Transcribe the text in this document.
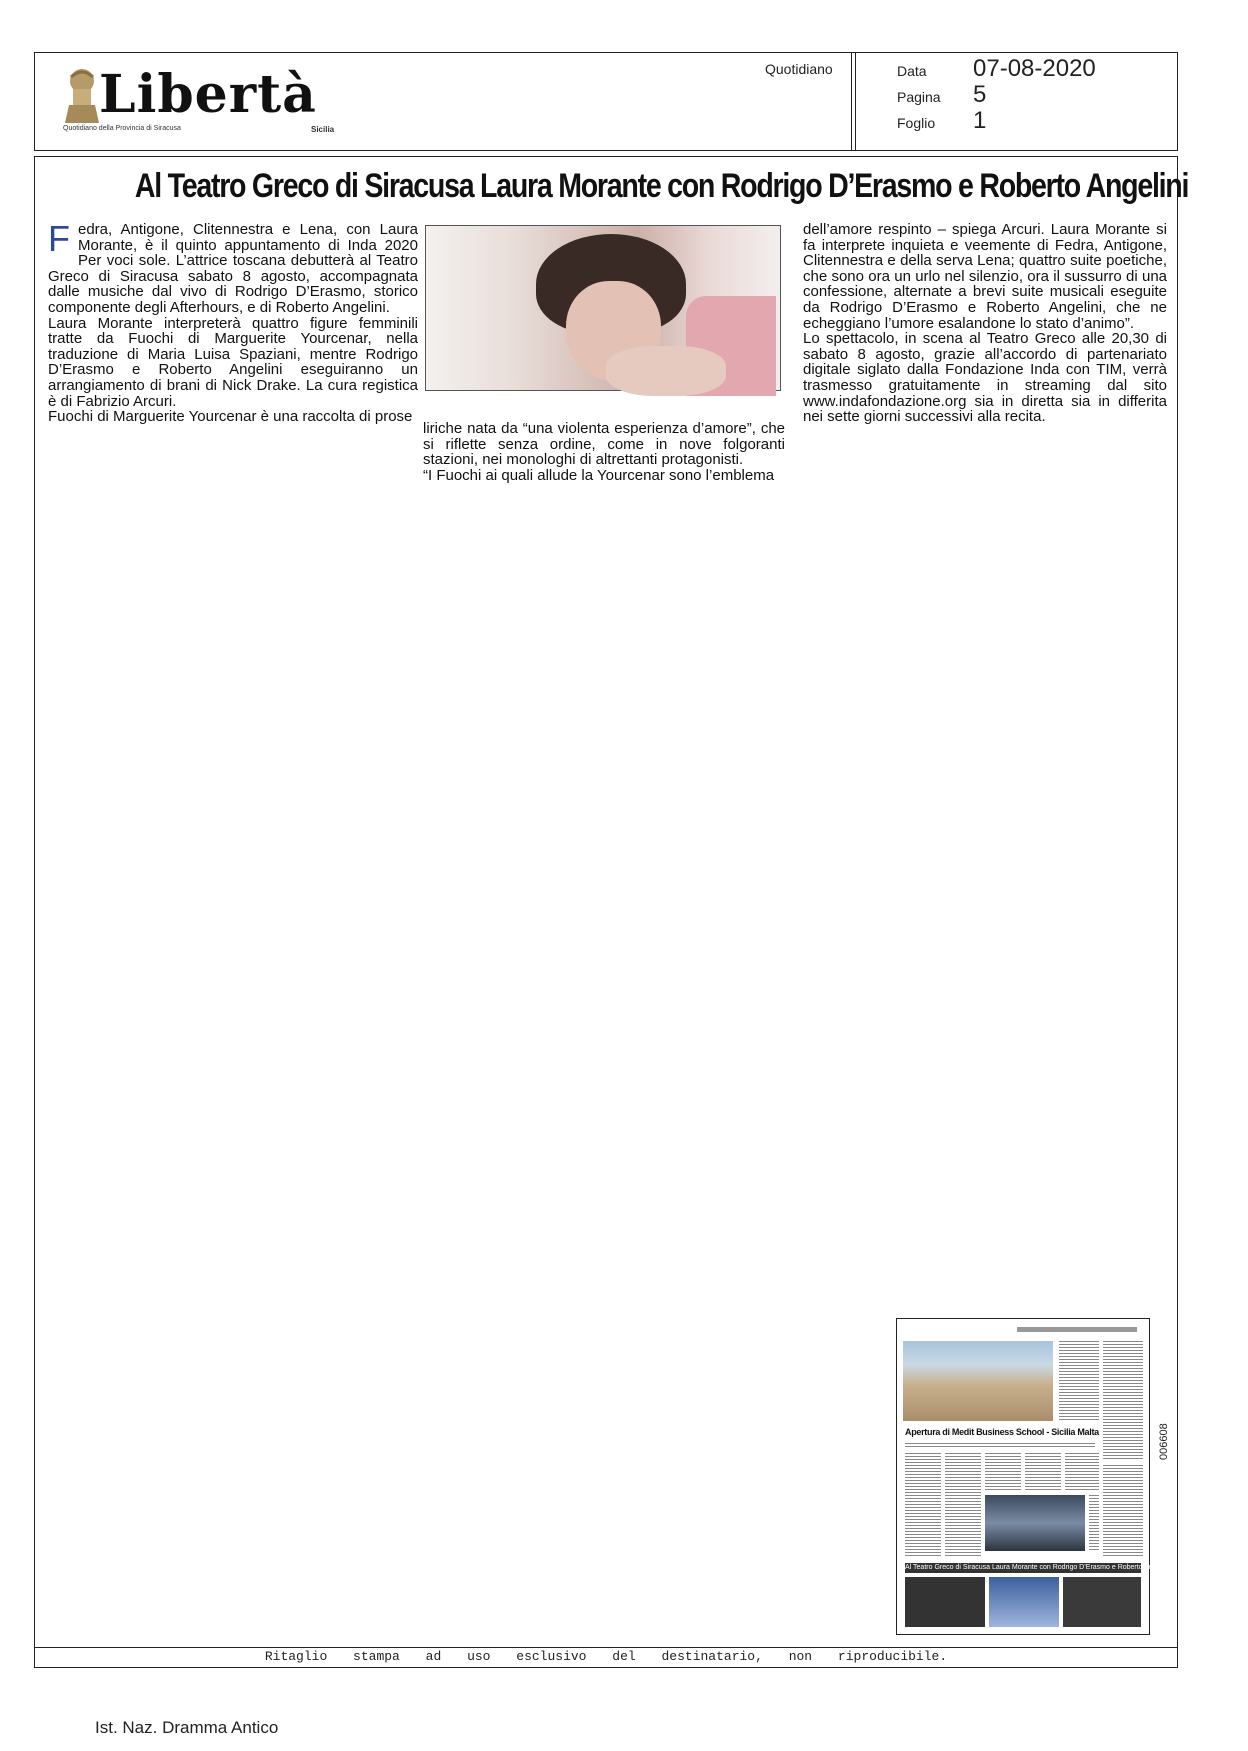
Libertà
Quotidiano della Provincia di Siracusa	Sicilia
Quotidiano	Data 07-08-2020
Pagina 5
Foglio 1
Al Teatro Greco di Siracusa Laura Morante con Rodrigo D’Erasmo e Roberto Angelini

Fedra, Antigone, Clitennestra e Lena, con Laura Morante, è il quinto appuntamento di Inda 2020 Per voci sole. L’attrice toscana debutterà al Teatro Greco di Siracusa sabato 8 agosto, accompagnata dalle musiche dal vivo di Rodrigo D’Erasmo, storico componente degli Afterhours, e di Roberto Angelini.

Laura Morante interpreterà quattro figure femminili tratte da Fuochi di Marguerite Yourcenar, nella traduzione di Maria Luisa Spaziani, mentre Rodrigo D’Erasmo e Roberto Angelini eseguiranno un arrangiamento di brani di Nick Drake. La cura registica è di Fabrizio Arcuri.

Fuochi di Marguerite Yourcenar è una raccolta di prose

liriche nata da “una violenta esperienza d’amore”, che si riflette senza ordine, come in nove folgoranti stazioni, nei monologhi di altrettanti protagonisti.

“I Fuochi ai quali allude la Yourcenar sono l’emblema

dell’amore respinto – spiega Arcuri. Laura Morante si fa interprete inquieta e veemente di Fedra, Antigone, Clitennestra e della serva Lena; quattro suite poetiche, che sono ora un urlo nel silenzio, ora il sussurro di una confessione, alternate a brevi suite musicali eseguite da Rodrigo D’Erasmo e Roberto Angelini, che ne echeggiano l’umore esalandone lo stato d’animo”.

Lo spettacolo, in scena al Teatro Greco alle 20,30 di sabato 8 agosto, grazie all’accordo di partenariato digitale siglato dalla Fondazione Inda con TIM, verrà trasmesso gratuitamente in streaming dal sito www.indafondazione.org sia in diretta sia in differita nei sette giorni successivi alla recita.

Apertura di Medit Business School - Sicilia Malta
Al Teatro Greco di Siracusa Laura Morante con Rodrigo D’Erasmo e Roberto Angelini
006608
Ritaglio stampa ad uso esclusivo del destinatario, non riproducibile.
Ist. Naz. Dramma Antico
